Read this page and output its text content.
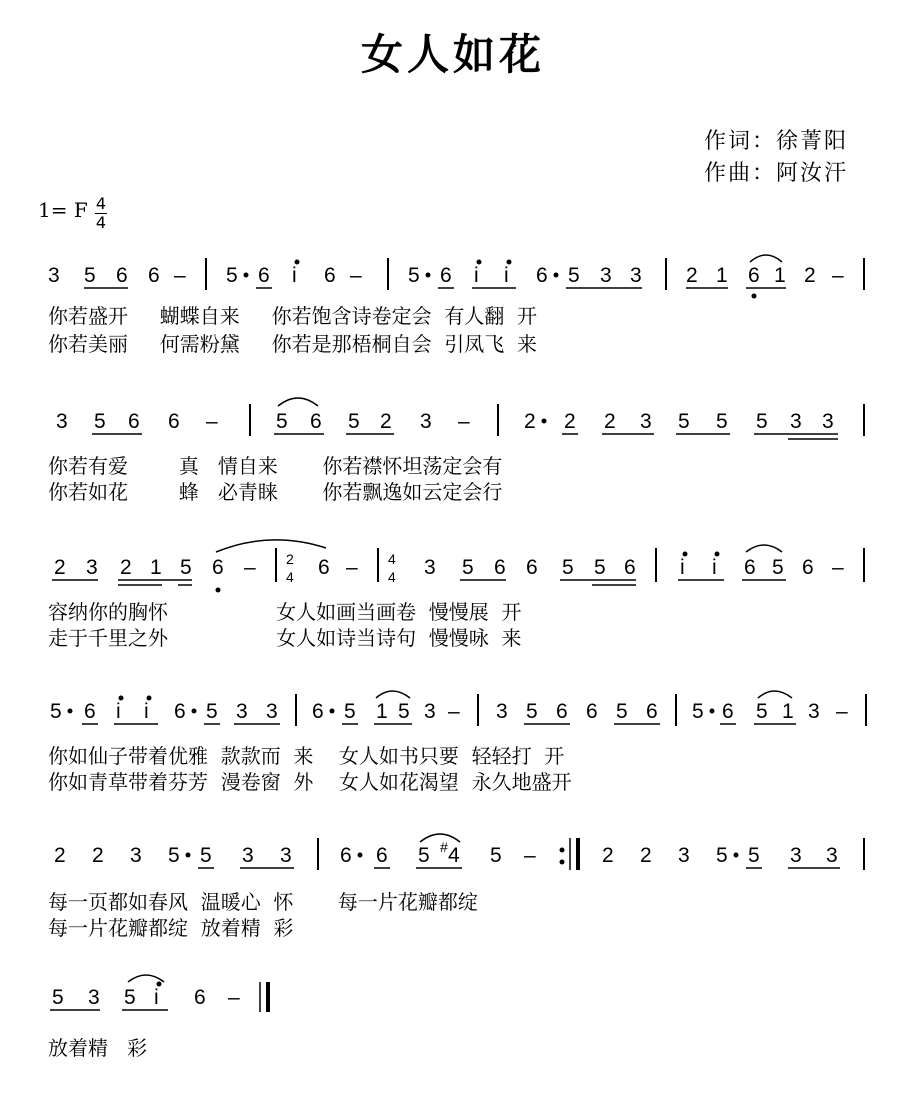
女人如花
作词：徐菁阳
作曲：阿汝汗
1= F 4
4
3 5 6 6 – 5 6 i 6 – 5 6 i i 6 5 3 3 2 1 6 1 2 –
3 5 6 6 –	5 6 5 2 3 –	2 2 2 3 5 5 5 3 3
2 3 2 1 5 6 – 2
4 6 – 4
4 3 5 6 6 5 5 6 i i 6 5 6 –
5 6 i i 6 5 3 3 6 5 1 5 3 – 3 5 6 6 5 6 5 6 5 1 3 –
2 2 3 5 5 3 3 6 6 5 # 4 5 –	2 2 3 5 5 3 3
5 3 5 i 6 –
你若盛开     蝴蝶自来     你若饱含诗卷定会  有人翻  开
你若美丽     何需粉黛     你若是那梧桐自会  引凤飞  来
你若有爱        真   情自来       你若襟怀坦荡定会有
你若如花        蜂   必青睐       你若飘逸如云定会行
容纳你的胸怀                 女人如画当画卷  慢慢展  开
走于千里之外                 女人如诗当诗句  慢慢咏  来
你如仙子带着优雅  款款而  来    女人如书只要  轻轻打  开
你如青草带着芬芳  漫卷窗  外    女人如花渴望  永久地盛开
每一页都如春风  温暖心  怀       每一片花瓣都绽
每一片花瓣都绽  放着精  彩
放着精   彩
